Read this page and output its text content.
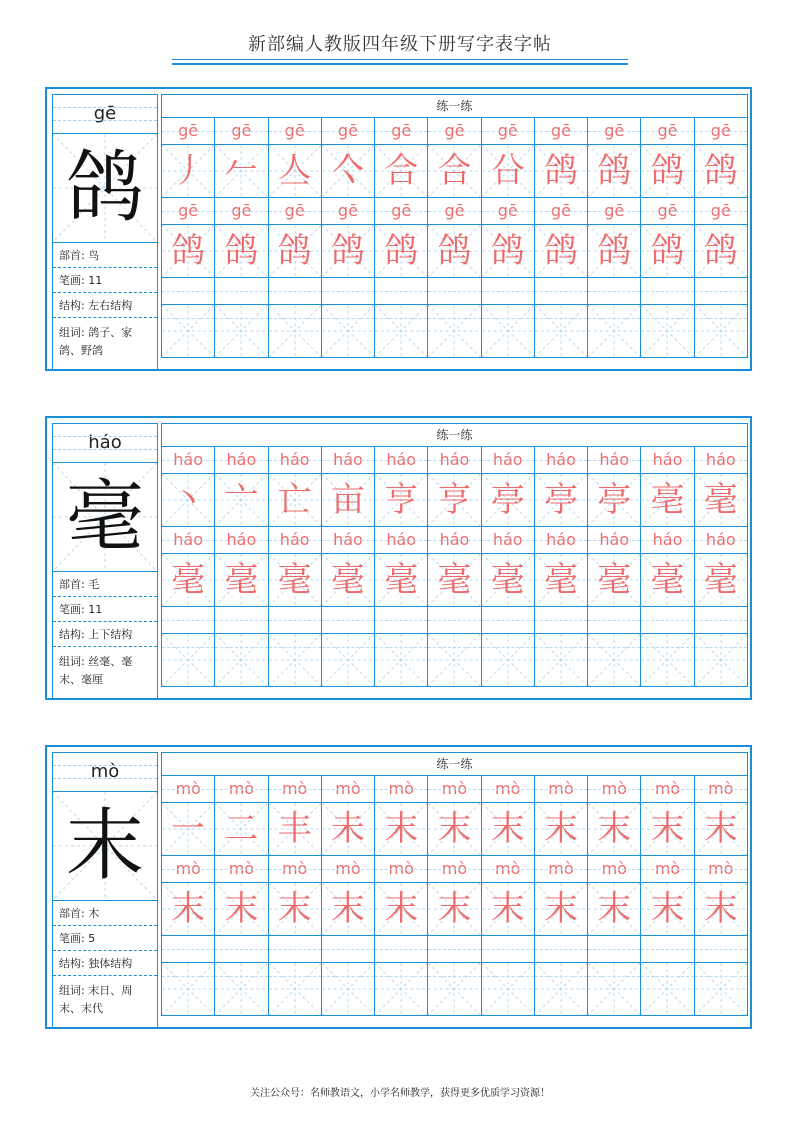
新部编人教版四年级下册写字表字帖
gē
鸽
部首: 鸟
笔画: 11
结构: 左右结构
组词: 鸽子、家鸽、野鸽
练一练
gē	gē	gē	gē	gē	gē	gē	gē	gē	gē	gē
丿 𠂉 亼 亽 合 合 㕣 鸽 鸽 鸽 鸽
gē	gē	gē	gē	gē	gē	gē	gē	gē	gē	gē
鸽 鸽 鸽 鸽 鸽 鸽 鸽 鸽 鸽 鸽 鸽
háo
毫
部首: 毛
笔画: 11
结构: 上下结构
组词: 丝毫、毫末、毫厘
练一练
háo	háo	háo	háo	háo	háo	háo	háo	háo	háo	háo
丶 亠 亡 亩 亨 亨 亭 亭 亭 亳 毫
háo	háo	háo	háo	háo	háo	háo	háo	háo	háo	háo
毫 毫 毫 毫 毫 毫 毫 毫 毫 毫 毫
mò
末
部首: 木
笔画: 5
结构: 独体结构
组词: 末日、周末、末代
练一练
mò	mò	mò	mò	mò	mò	mò	mò	mò	mò	mò
一 二 丰 未 末 末 末 末 末 末 末
mò	mò	mò	mò	mò	mò	mò	mò	mò	mò	mò
末 末 末 末 末 末 末 末 末 末 末
关注公众号：名师教语文，小学名师教学，获得更多优质学习资源！
